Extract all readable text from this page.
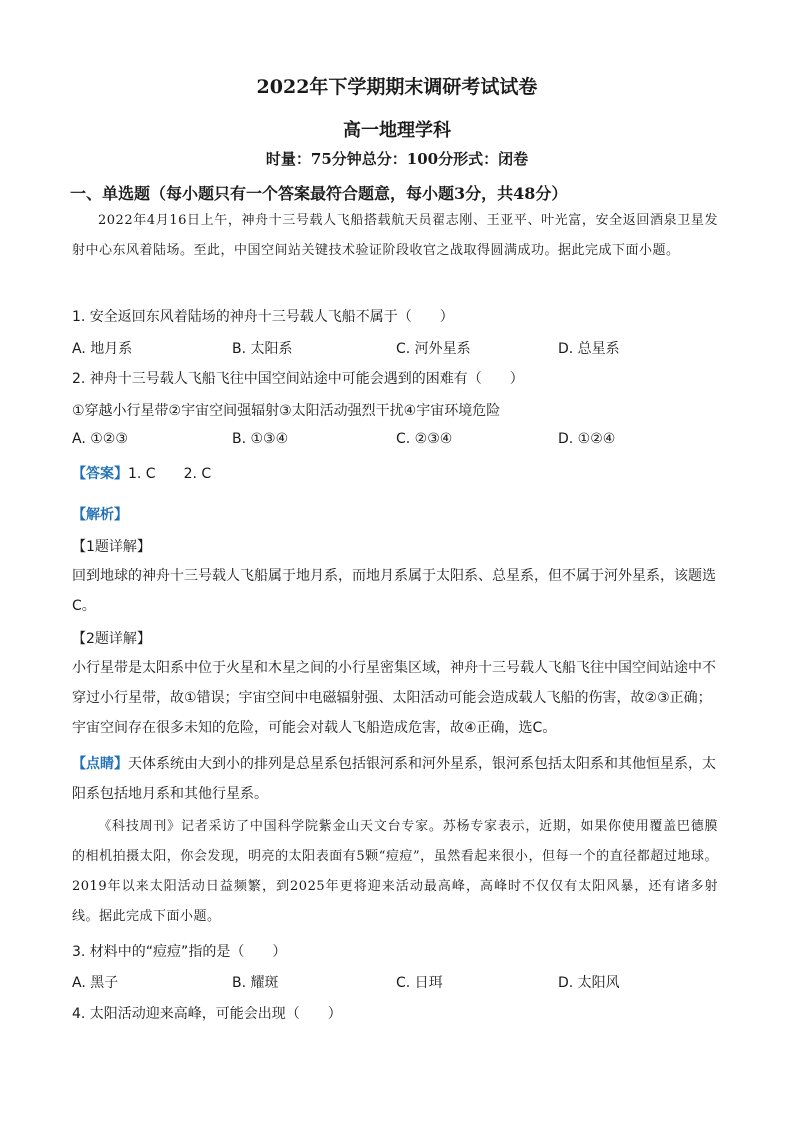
2022年下学期期末调研考试试卷
高一地理学科
时量：75分钟总分：100分形式：闭卷
一、单选题（每小题只有一个答案最符合题意，每小题3分，共48分）

2022年4月16日上午，神舟十三号载人飞船搭载航天员翟志刚、王亚平、叶光富，安全返回酒泉卫星发射中心东风着陆场。至此，中国空间站关键技术验证阶段收官之战取得圆满成功。据此完成下面小题。

1. 安全返回东风着陆场的神舟十三号载人飞船不属于（　　）
A. 地月系	B. 太阳系	C. 河外星系	D. 总星系
2. 神舟十三号载人飞船飞往中国空间站途中可能会遇到的困难有（　　）
①穿越小行星带②宇宙空间强辐射③太阳活动强烈干扰④宇宙环境危险
A. ①②③	B. ①③④	C. ②③④	D. ①②④
【答案】1. C　　2. C
【解析】
【1题详解】

回到地球的神舟十三号载人飞船属于地月系，而地月系属于太阳系、总星系，但不属于河外星系，该题选C。

【2题详解】

小行星带是太阳系中位于火星和木星之间的小行星密集区域，神舟十三号载人飞船飞往中国空间站途中不穿过小行星带，故①错误；宇宙空间中电磁辐射强、太阳活动可能会造成载人飞船的伤害，故②③正确；宇宙空间存在很多未知的危险，可能会对载人飞船造成危害，故④正确，选C。

【点睛】天体系统由大到小的排列是总星系包括银河系和河外星系，银河系包括太阳系和其他恒星系，太阳系包括地月系和其他行星系。

《科技周刊》记者采访了中国科学院紫金山天文台专家。苏杨专家表示，近期，如果你使用覆盖巴德膜的相机拍摄太阳，你会发现，明亮的太阳表面有5颗“痘痘”，虽然看起来很小，但每一个的直径都超过地球。2019年以来太阳活动日益频繁，到2025年更将迎来活动最高峰，高峰时不仅仅有太阳风暴，还有诸多射线。据此完成下面小题。

3. 材料中的“痘痘”指的是（　　）
A. 黑子	B. 耀斑	C. 日珥	D. 太阳风
4. 太阳活动迎来高峰，可能会出现（　　）
